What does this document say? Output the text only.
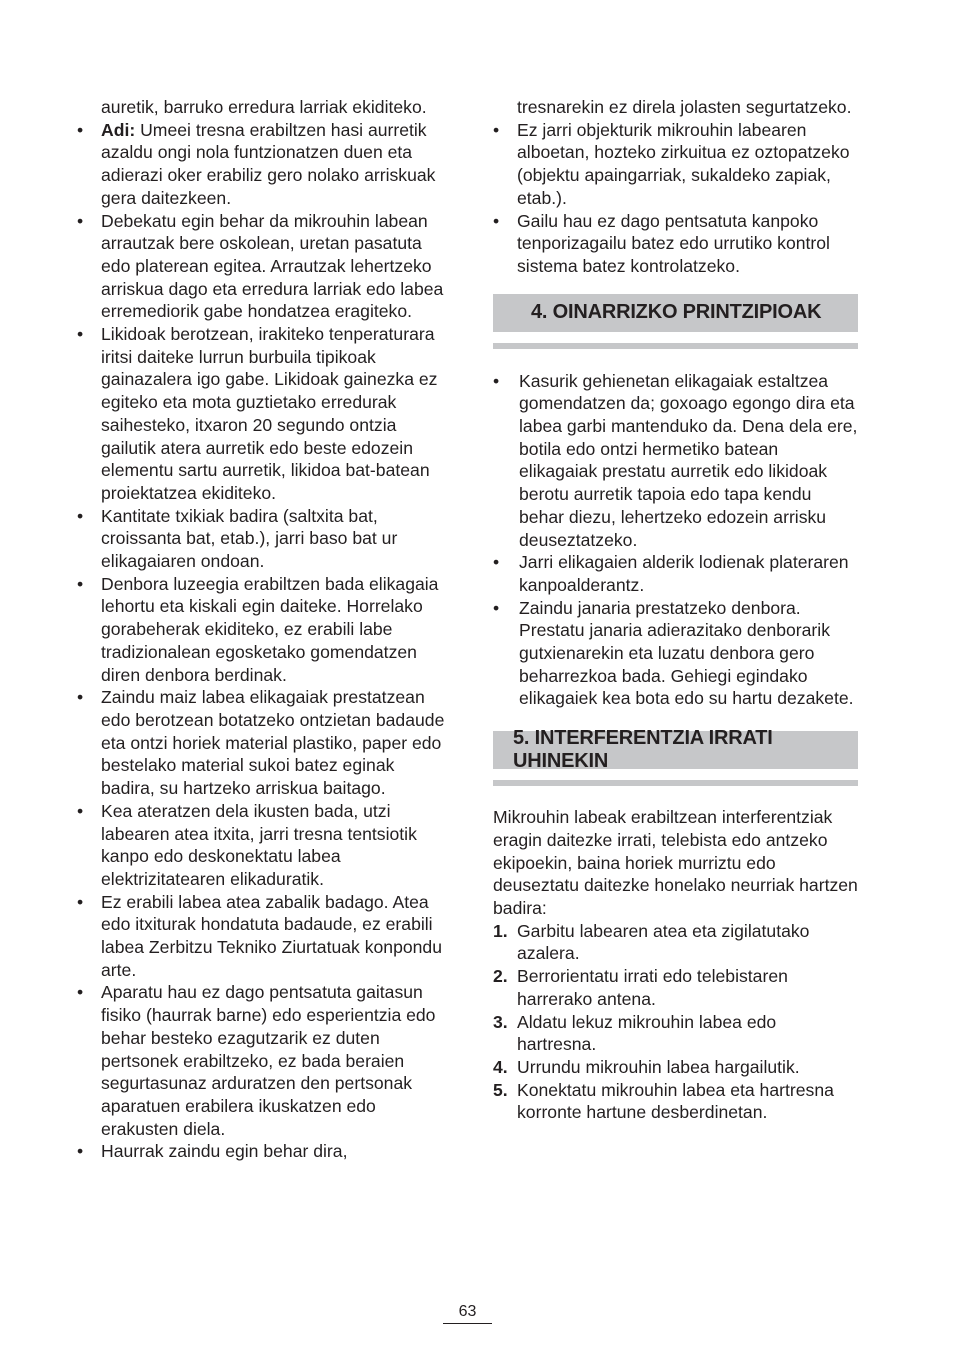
auretik, barruko erredura larriak ekiditeko.

•	Adi: Umeei tresna erabiltzen hasi aurretik azaldu ongi nola funtzionatzen duen eta adierazi oker erabiliz gero nolako arriskuak gera daitezkeen.
•	Debekatu egin behar da mikrouhin labean arrautzak bere oskolean, uretan pasatuta edo platerean egitea. Arrautzak lehertzeko arriskua dago eta erredura larriak edo labea erremediorik gabe hondatzea eragiteko.
•	Likidoak berotzean, irakiteko tenperaturara iritsi daiteke lurrun burbuila tipikoak gainazalera igo gabe. Likidoak gainezka ez egiteko eta mota guztietako erredurak saihesteko, itxaron 20 segundo ontzia gailutik atera aurretik edo beste edozein elementu sartu aurretik, likidoa bat-batean proiektatzea ekiditeko.
•	Kantitate txikiak badira (saltxita bat, croissanta bat, etab.), jarri baso bat ur elikagaiaren ondoan.
•	Denbora luzeegia erabiltzen bada elikagaia lehortu eta kiskali egin daiteke. Horrelako gorabeherak ekiditeko, ez erabili labe tradizionalean egosketako gomendatzen diren denbora berdinak.
•	Zaindu maiz labea elikagaiak prestatzean edo berotzean botatzeko ontzietan badaude eta ontzi horiek material plastiko, paper edo bestelako material sukoi batez eginak badira, su hartzeko arriskua baitago.
•	Kea ateratzen dela ikusten bada, utzi labearen atea itxita, jarri tresna tentsiotik kanpo edo deskonektatu labea elektrizitatearen elikaduratik.
•	Ez erabili labea atea zabalik badago. Atea edo itxiturak hondatuta badaude, ez erabili labea Zerbitzu Tekniko Ziurtatuak konpondu arte.
•	Aparatu hau ez dago pentsatuta gaitasun fisiko (haurrak barne) edo esperientzia edo behar besteko ezagutzarik ez duten pertsonek erabiltzeko, ez bada beraien segurtasunaz arduratzen den pertsonak aparatuen erabilera ikuskatzen edo erakusten diela.
•	Haurrak zaindu egin behar dira,

tresnarekin ez direla jolasten segurtatzeko.

•	Ez jarri objekturik mikrouhin labearen alboetan, hozteko zirkuitua ez oztopatzeko (objektu apaingarriak, sukaldeko zapiak, etab.).
•	Gailu hau ez dago pentsatuta kanpoko tenporizagailu batez edo urrutiko kontrol sistema batez kontrolatzeko.
4. OINARRIZKO PRINTZIPIOAK
•	Kasurik gehienetan elikagaiak estaltzea gomendatzen da; goxoago egongo dira eta labea garbi mantenduko da. Dena dela ere, botila edo ontzi hermetiko batean elikagaiak prestatu aurretik edo likidoak berotu aurretik tapoia edo tapa kendu behar diezu, lehertzeko edozein arrisku deuseztatzeko.
•	Jarri elikagaien alderik lodienak plateraren kanpoalderantz.
•	Zaindu janaria prestatzeko denbora. Prestatu janaria adierazitako denborarik gutxienarekin eta luzatu denbora gero beharrezkoa bada. Gehiegi egindako elikagaiek kea bota edo su hartu dezakete.
5. INTERFERENTZIA IRRATI UHINEKIN

Mikrouhin labeak erabiltzean interferentziak eragin daitezke irrati, telebista edo antzeko ekipoekin, baina horiek murriztu edo deuseztatu daitezke honelako neurriak hartzen badira:

1. Garbitu labearen atea eta zigilatutako azalera.
2. Berrorientatu irrati edo telebistaren harrerako antena.
3. Aldatu lekuz mikrouhin labea edo hartresna.
4. Urrundu mikrouhin labea hargailutik.
5. Konektatu mikrouhin labea eta hartresna korronte hartune desberdinetan.
63
